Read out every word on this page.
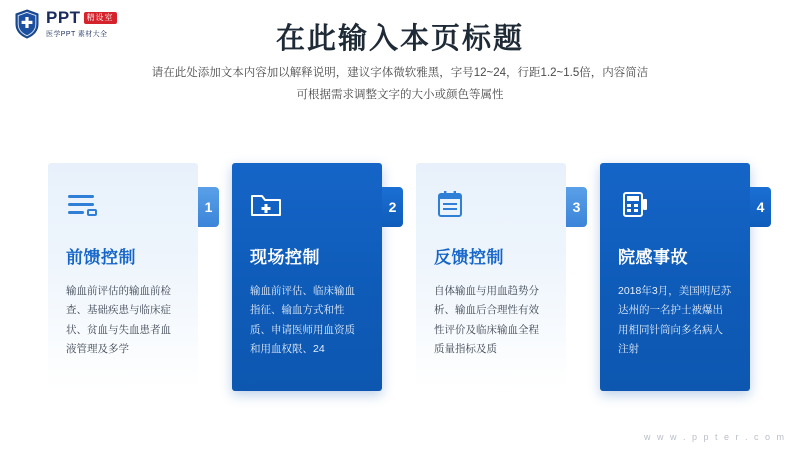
PPT 精设室
医学PPT 素材大全	在此输入本页标题
请在此处添加文本内容加以解释说明，建议字体微软雅黑，字号12~24，行距1.2~1.5倍，内容简洁
可根据需求调整文字的大小或颜色等属性
前馈控制
输血前评估的输血前检查、基础疾患与临床症状、贫血与失血患者血液管理及多学
1
现场控制
输血前评估、临床输血指征、输血方式和性质、申请医师用血资质和用血权限、24
2
反馈控制
自体输血与用血趋势分析、输血后合理性有效性评价及临床输血全程质量指标及质
3
院感事故
2018年3月，美国明尼苏达州的一名护士被爆出用相同针筒向多名病人注射
4
w w w . p p t e r . c o m
